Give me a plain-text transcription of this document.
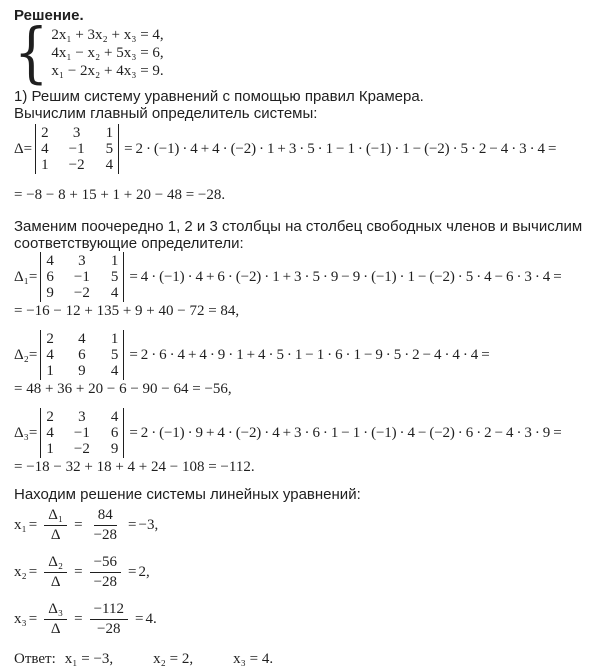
Решение.
{ 2x₁ + 3x₂ + x₃ = 4,
4x₁ − x₂ + 5x₃ = 6,
x₁ − 2x₂ + 4x₃ = 9.

1) Решим систему уравнений с помощью правил Крамера.

Вычислим главный определитель системы:

Δ=
2	3	1
4	−1	5
1	−2	4
= 2 · (−1) · 4 + 4 · (−2) · 1 + 3 · 5 · 1 − 1 · (−1) · 1 − (−2) · 5 · 2 − 4 · 3 · 4 =
= −8 − 8 + 15 + 1 + 20 − 48 = −28.

Заменим поочередно 1, 2 и 3 столбцы на столбец свободных членов и вычислим

соответствующие определители:

Δ₁=
4	3	1
6	−1	5
9	−2	4
= 4 · (−1) · 4 + 6 · (−2) · 1 + 3 · 5 · 9 − 9 · (−1) · 1 − (−2) · 5 · 4 − 6 · 3 · 4 =
= −16 − 12 + 135 + 9 + 40 − 72 = 84,
Δ₂=
2	4	1
4	6	5
1	9	4
= 2 · 6 · 4 + 4 · 9 · 1 + 4 · 5 · 1 − 1 · 6 · 1 − 9 · 5 · 2 − 4 · 4 · 4 =
= 48 + 36 + 20 − 6 − 90 − 64 = −56,
Δ₃=
2	3	4
4	−1	6
1	−2	9
= 2 · (−1) · 9 + 4 · (−2) · 4 + 3 · 6 · 1 − 1 · (−1) · 4 − (−2) · 6 · 2 − 4 · 3 · 9 =
= −18 − 32 + 18 + 4 + 24 − 108 = −112.

Находим решение системы линейных уравнений:

$x_1 = \frac{\text{Δ₁}}{\Delta} = \frac{84}{-28} = -3$,
$x_2 = \frac{\text{Δ₂}}{\Delta} = \frac{-56}{-28} = 2$,
$x_3 = \frac{\text{Δ₃}}{\Delta} = \frac{-112}{-28} = 4$.
Ответ: x₁ = −3,	x₂ = 2,	x₃ = 4.
